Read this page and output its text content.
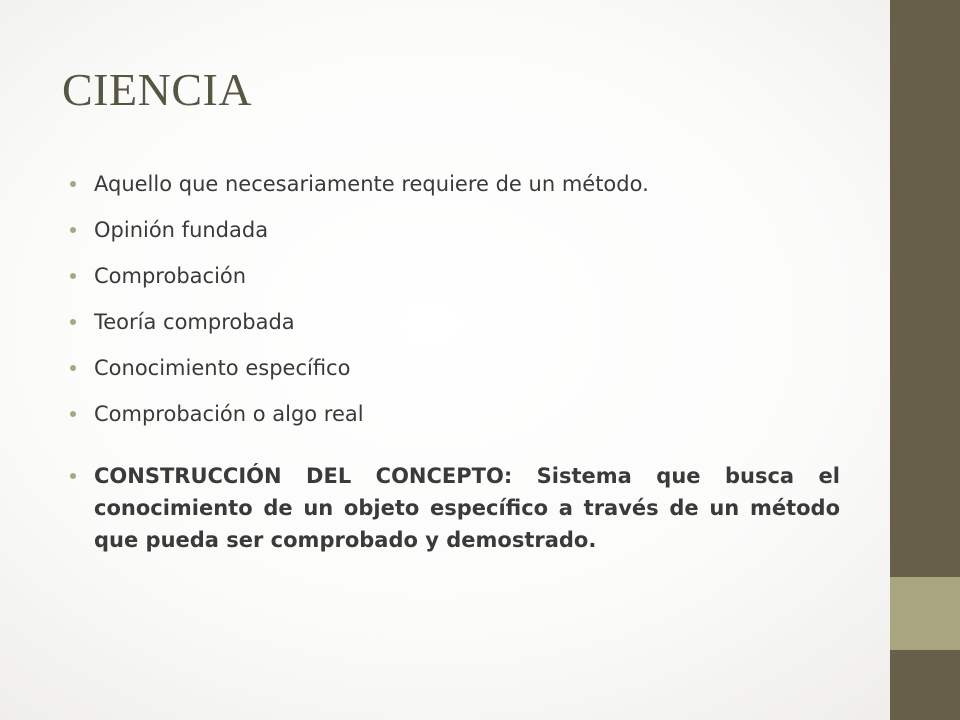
CIENCIA
Aquello que necesariamente requiere de un método.
Opinión fundada
Comprobación
Teoría comprobada
Conocimiento específico
Comprobación o algo real
CONSTRUCCIÓN DEL CONCEPTO: Sistema que busca el conocimiento de un objeto específico a través de un método que pueda ser comprobado y demostrado.
